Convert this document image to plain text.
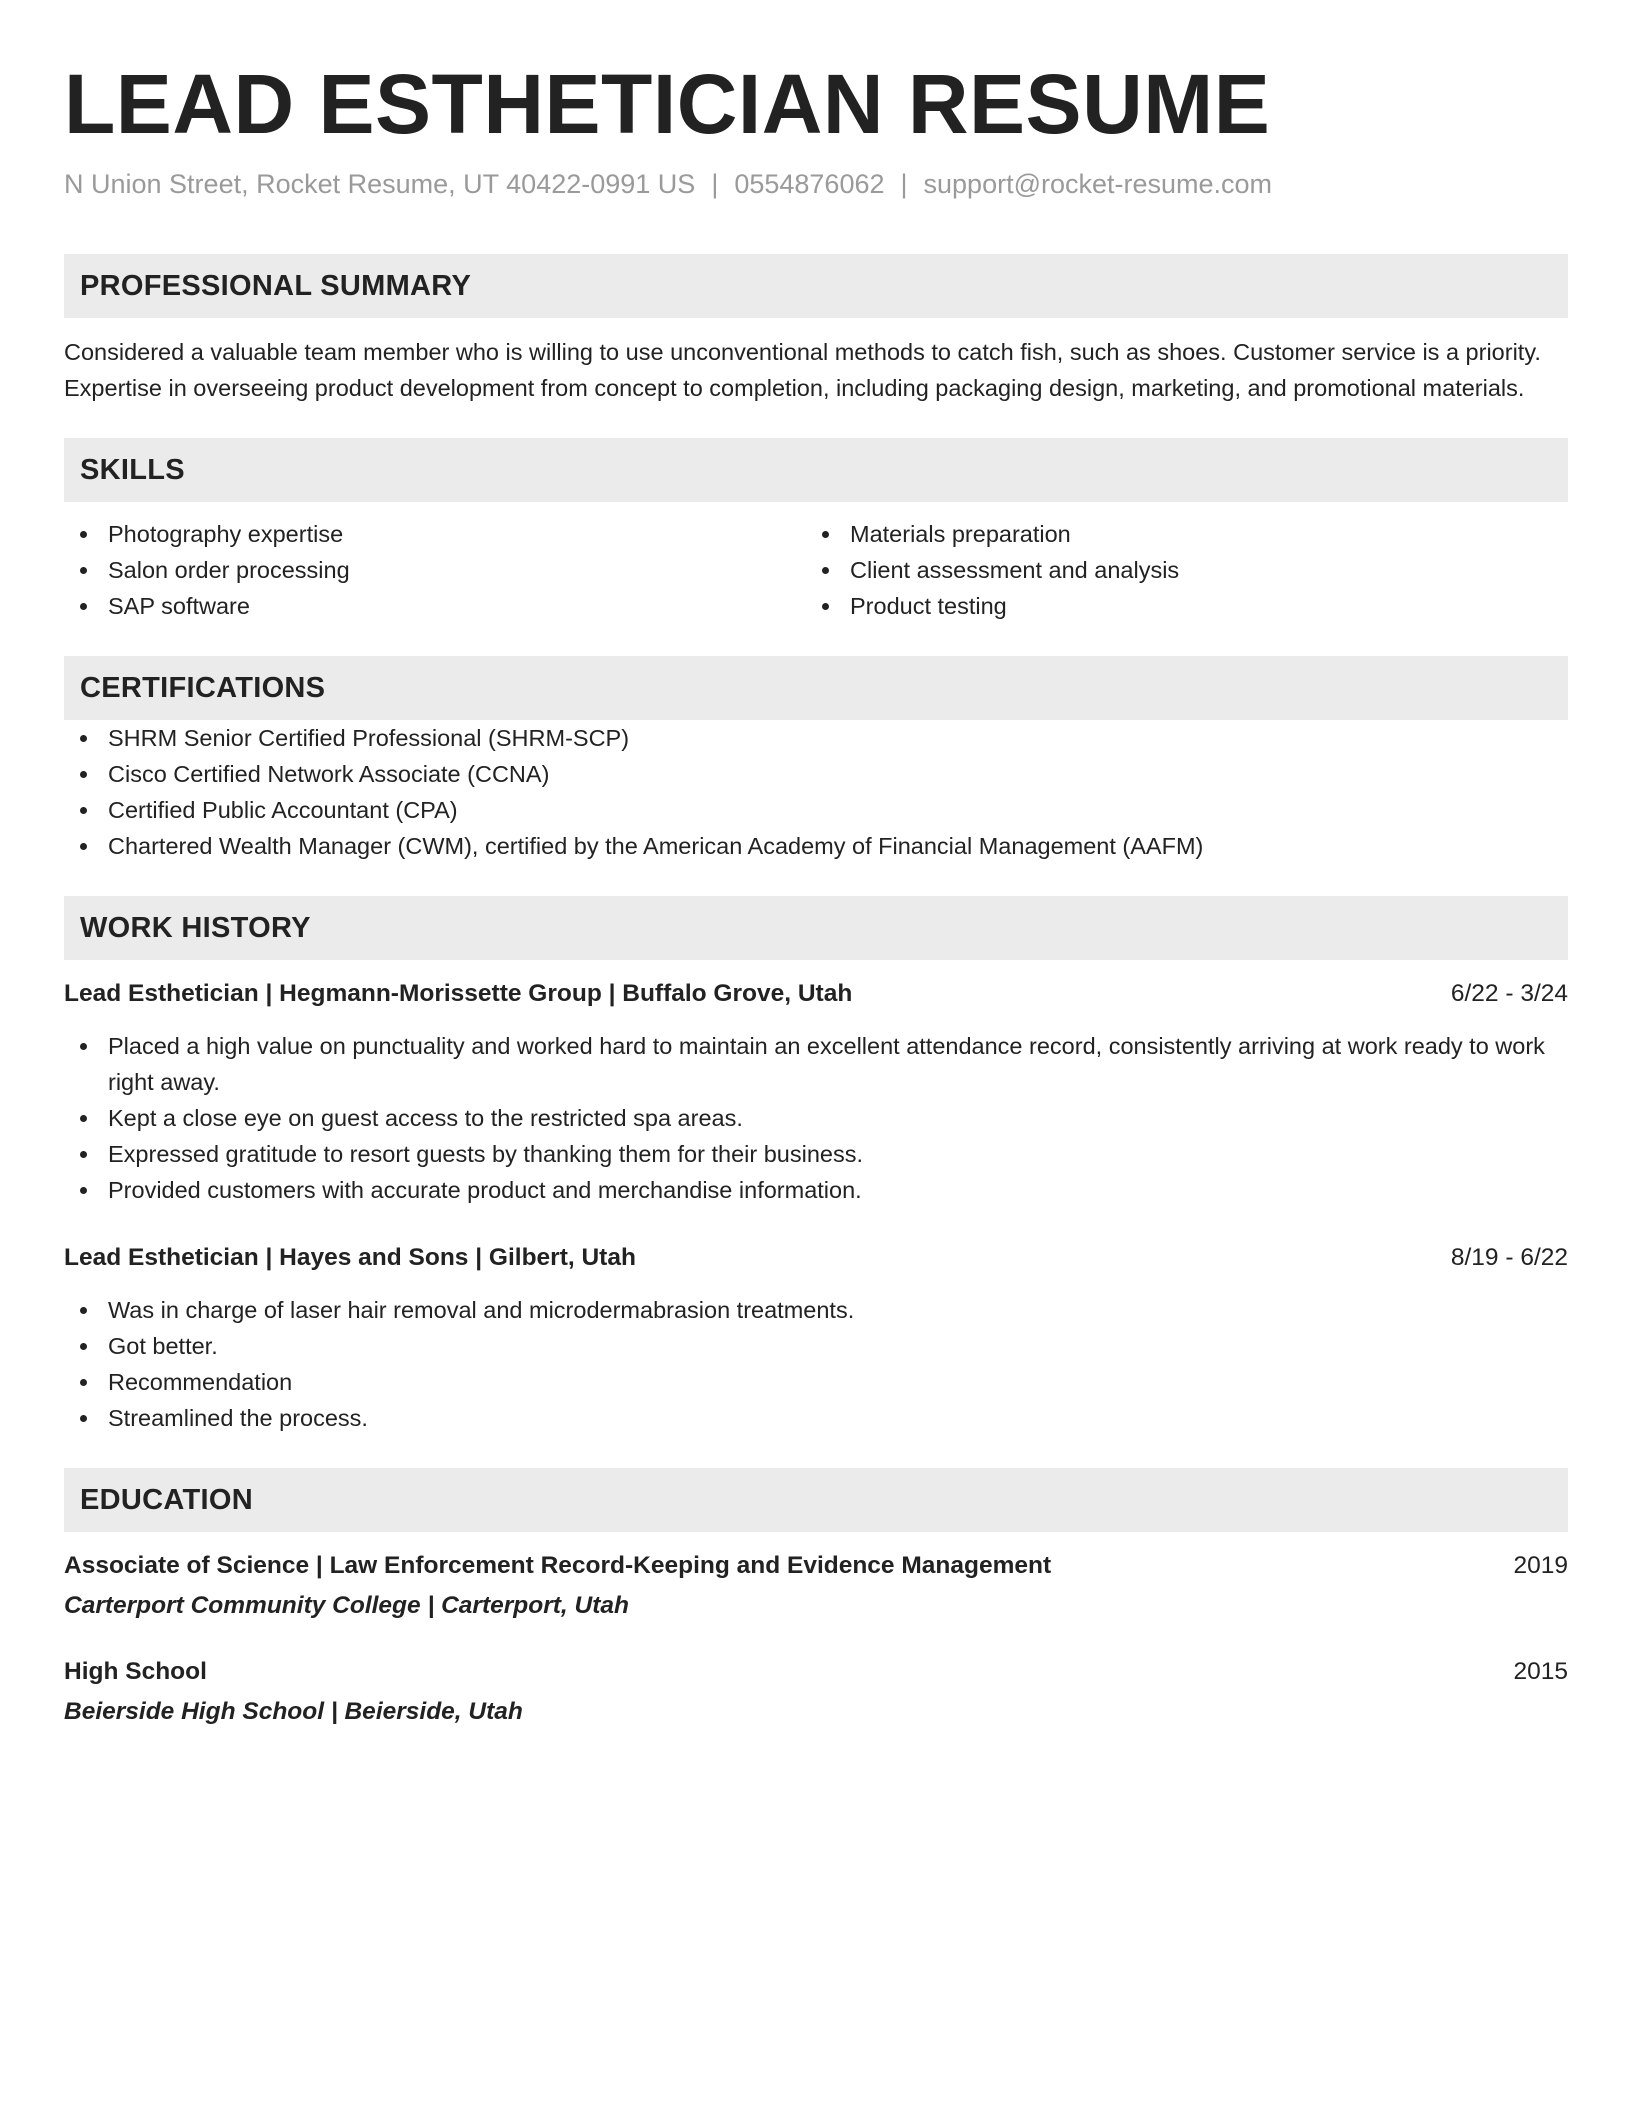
LEAD ESTHETICIAN RESUME
N Union Street, Rocket Resume, UT 40422-0991 US | 0554876062 | support@rocket-resume.com
PROFESSIONAL SUMMARY

Considered a valuable team member who is willing to use unconventional methods to catch fish, such as shoes. Customer service is a priority. Expertise in overseeing product development from concept to completion, including packaging design, marketing, and promotional materials.

SKILLS
Photography expertise
Salon order processing
SAP software
Materials preparation
Client assessment and analysis
Product testing
CERTIFICATIONS
SHRM Senior Certified Professional (SHRM-SCP)
Cisco Certified Network Associate (CCNA)
Certified Public Accountant (CPA)
Chartered Wealth Manager (CWM), certified by the American Academy of Financial Management (AAFM)
WORK HISTORY
Lead Esthetician | Hegmann-Morissette Group | Buffalo Grove, Utah	6/22 - 3/24
Placed a high value on punctuality and worked hard to maintain an excellent attendance record, consistently arriving at work ready to work right away.
Kept a close eye on guest access to the restricted spa areas.
Expressed gratitude to resort guests by thanking them for their business.
Provided customers with accurate product and merchandise information.
Lead Esthetician | Hayes and Sons | Gilbert, Utah	8/19 - 6/22
Was in charge of laser hair removal and microdermabrasion treatments.
Got better.
Recommendation
Streamlined the process.
EDUCATION
Associate of Science | Law Enforcement Record-Keeping and Evidence Management	2019
Carterport Community College | Carterport, Utah
High School	2015
Beierside High School | Beierside, Utah
